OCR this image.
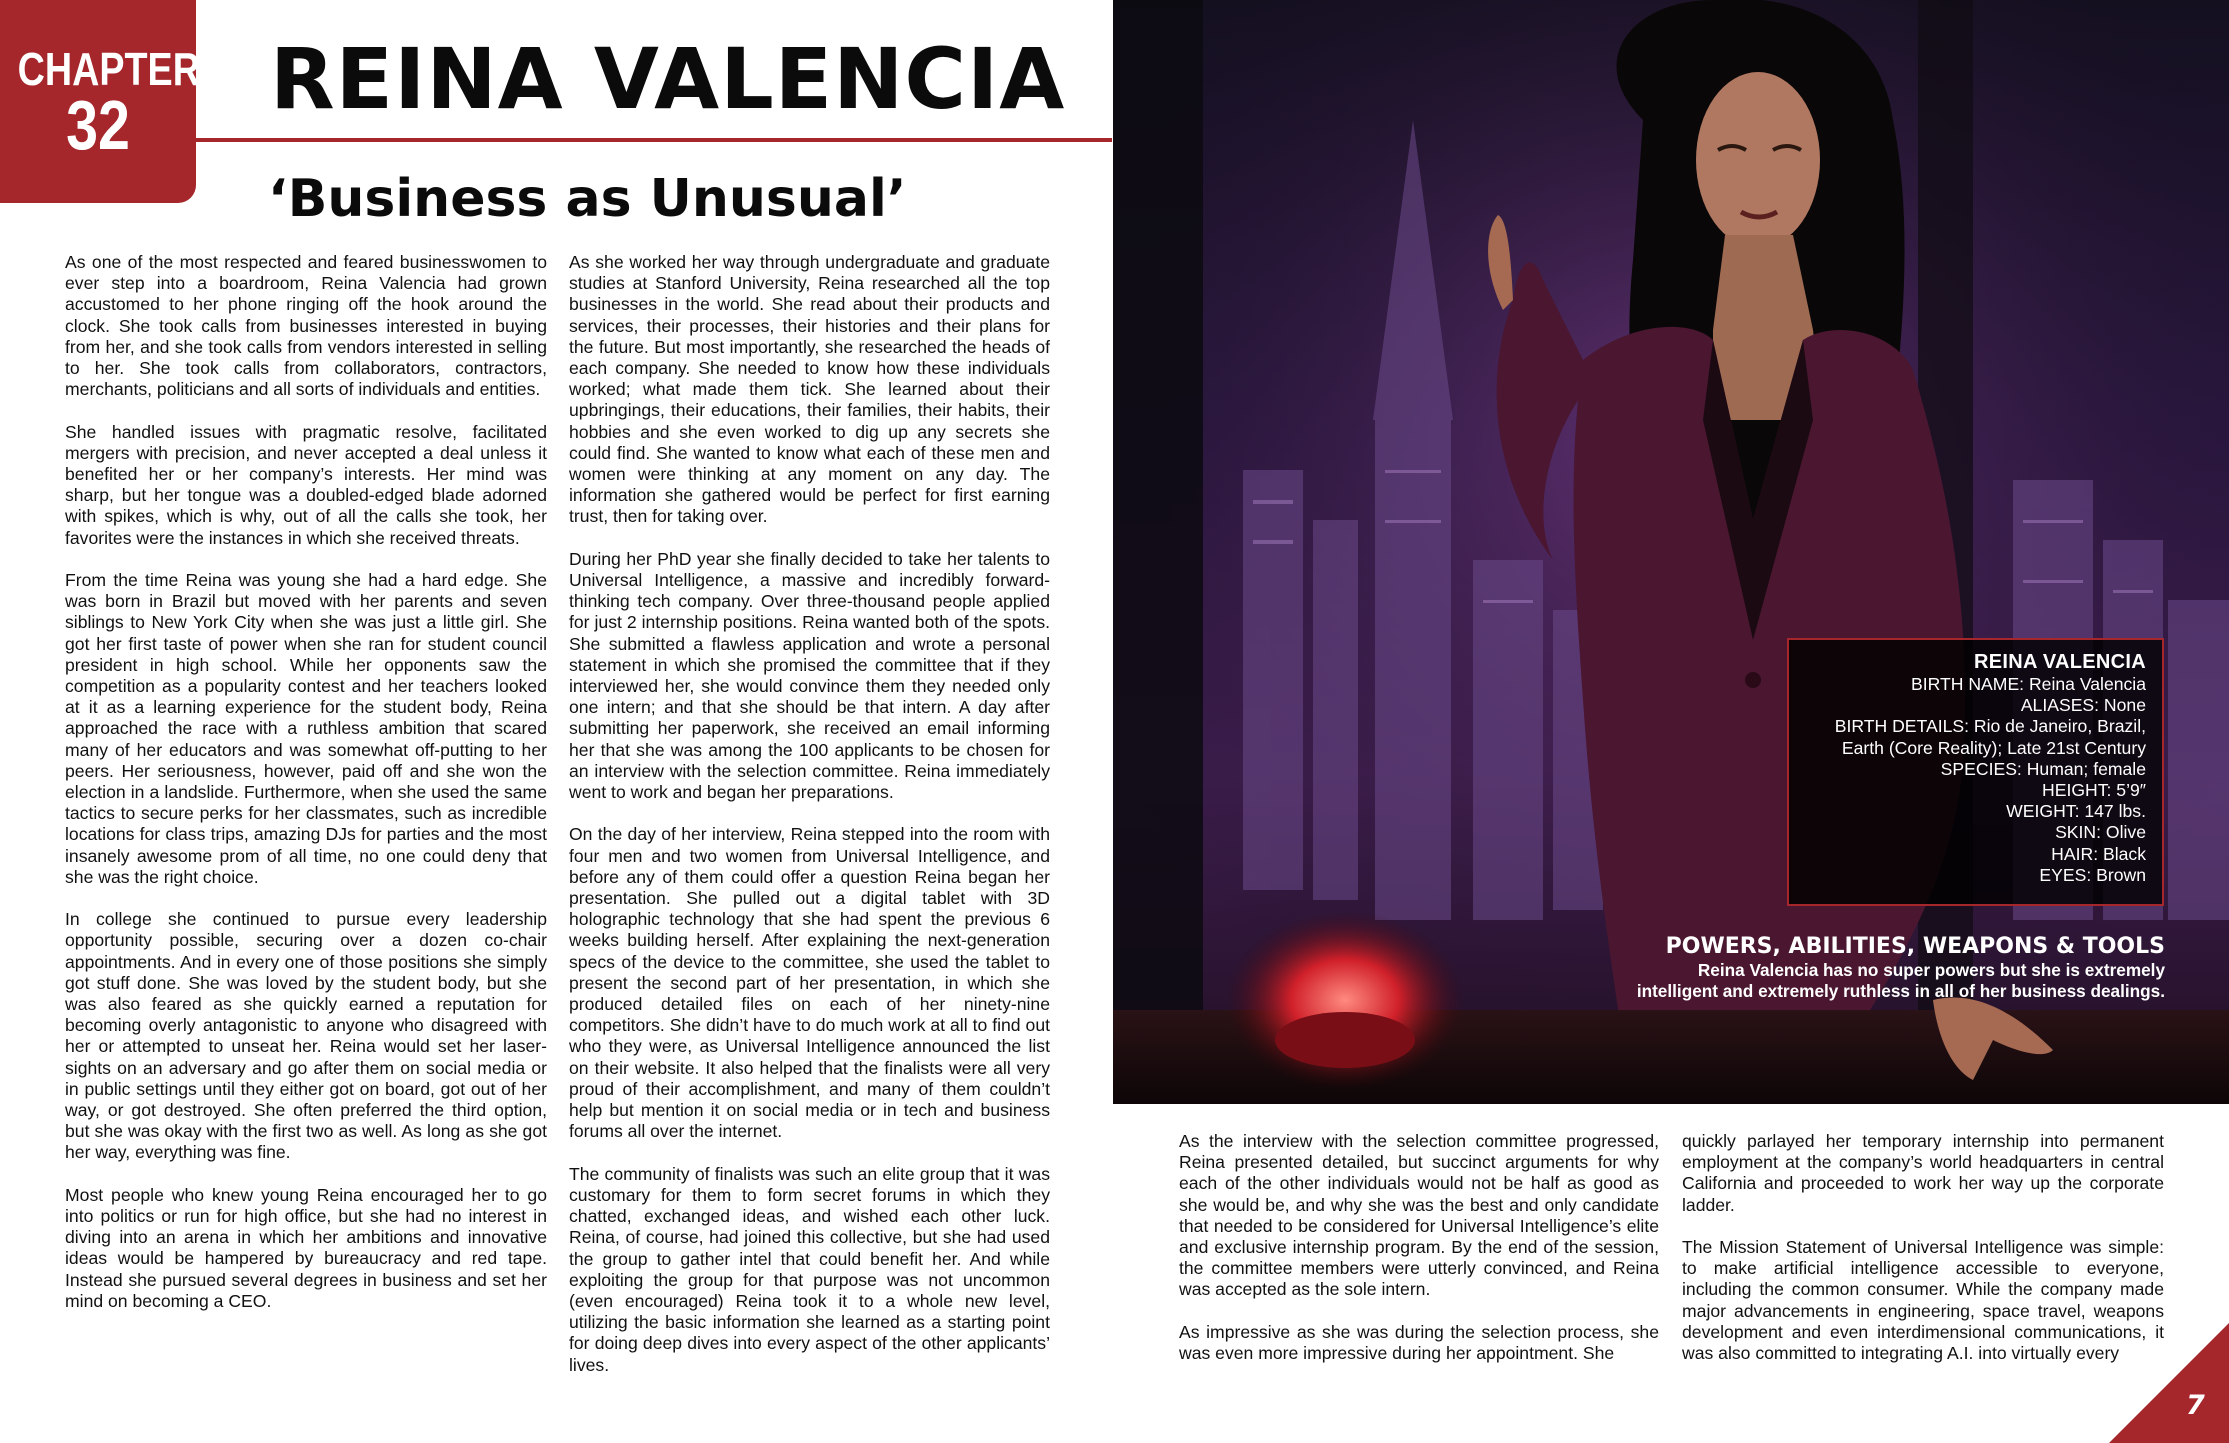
CHAPTER
32	REINA VALENCIA
‘Business as Unusual’

As one of the most respected and feared businesswomen to ever step into a boardroom, Reina Valencia had grown accustomed to her phone ringing off the hook around the clock. She took calls from businesses interested in buying from her, and she took calls from vendors interested in selling to her. She took calls from collaborators, contractors, merchants, politicians and all sorts of individuals and entities.

She handled issues with pragmatic resolve, facilitated mergers with precision, and never accepted a deal unless it benefited her or her company’s interests. Her mind was sharp, but her tongue was a doubled-edged blade adorned with spikes, which is why, out of all the calls she took, her favorites were the instances in which she received threats.

From the time Reina was young she had a hard edge. She was born in Brazil but moved with her parents and seven siblings to New York City when she was just a little girl. She got her first taste of power when she ran for student council president in high school. While her opponents saw the competition as a popularity contest and her teachers looked at it as a learning experience for the student body, Reina approached the race with a ruthless ambition that scared many of her educators and was somewhat off-putting to her peers. Her seriousness, however, paid off and she won the election in a landslide. Furthermore, when she used the same tactics to secure perks for her classmates, such as incredible locations for class trips, amazing DJs for parties and the most insanely awesome prom of all time, no one could deny that she was the right choice.

In college she continued to pursue every leadership opportunity possible, securing over a dozen co-chair appointments. And in every one of those positions she simply got stuff done. She was loved by the student body, but she was also feared as she quickly earned a reputation for becoming overly antagonistic to anyone who disagreed with her or attempted to unseat her. Reina would set her laser-sights on an adversary and go after them on social media or in public settings until they either got on board, got out of her way, or got destroyed. She often preferred the third option, but she was okay with the first two as well. As long as she got her way, everything was fine.

Most people who knew young Reina encouraged her to go into politics or run for high office, but she had no interest in diving into an arena in which her ambitions and innovative ideas would be hampered by bureaucracy and red tape. Instead she pursued several degrees in business and set her mind on becoming a CEO.

As she worked her way through undergraduate and graduate studies at Stanford University, Reina researched all the top businesses in the world. She read about their products and services, their processes, their histories and their plans for the future. But most importantly, she researched the heads of each company. She needed to know how these individuals worked; what made them tick. She learned about their upbringings, their educations, their families, their habits, their hobbies and she even worked to dig up any secrets she could find. She wanted to know what each of these men and women were thinking at any moment on any day. The information she gathered would be perfect for first earning trust, then for taking over.

During her PhD year she finally decided to take her talents to Universal Intelligence, a massive and incredibly forward-thinking tech company. Over three-thousand people applied for just 2 internship positions. Reina wanted both of the spots. She submitted a flawless application and wrote a personal statement in which she promised the committee that if they interviewed her, she would convince them they needed only one intern; and that she should be that intern. A day after submitting her paperwork, she received an email informing her that she was among the 100 applicants to be chosen for an interview with the selection committee. Reina immediately went to work and began her preparations.

On the day of her interview, Reina stepped into the room with four men and two women from Universal Intelligence, and before any of them could offer a question Reina began her presentation. She pulled out a digital tablet with 3D holographic technology that she had spent the previous 6 weeks building herself. After explaining the next-generation specs of the device to the committee, she used the tablet to present the second part of her presentation, in which she produced detailed files on each of her ninety-nine competitors. She didn’t have to do much work at all to find out who they were, as Universal Intelligence announced the list on their website. It also helped that the finalists were all very proud of their accomplishment, and many of them couldn’t help but mention it on social media or in tech and business forums all over the internet.

The community of finalists was such an elite group that it was customary for them to form secret forums in which they chatted, exchanged ideas, and wished each other luck. Reina, of course, had joined this collective, but she had used the group to gather intel that could benefit her. And while exploiting the group for that purpose was not uncommon (even encouraged) Reina took it to a whole new level, utilizing the basic information she learned as a starting point for doing deep dives into every aspect of the other applicants’ lives.

REINA VALENCIA
BIRTH NAME: Reina Valencia
ALIASES: None
BIRTH DETAILS: Rio de Janeiro, Brazil,
Earth (Core Reality); Late 21st Century
SPECIES: Human; female
HEIGHT: 5’9″
WEIGHT: 147 lbs.
SKIN: Olive
HAIR: Black
EYES: Brown
POWERS, ABILITIES, WEAPONS & TOOLS
Reina Valencia has no super powers but she is extremely
intelligent and extremely ruthless in all of her business dealings.

As the interview with the selection committee progressed, Reina presented detailed, but succinct arguments for why each of the other individuals would not be half as good as she would be, and why she was the best and only candidate that needed to be considered for Universal Intelligence’s elite and exclusive internship program. By the end of the session, the committee members were utterly convinced, and Reina was accepted as the sole intern.

As impressive as she was during the selection process, she was even more impressive during her appointment. She

quickly parlayed her temporary internship into permanent employment at the company’s world headquarters in central California and proceeded to work her way up the corporate ladder.

The Mission Statement of Universal Intelligence was simple: to make artificial intelligence accessible to everyone, including the common consumer. While the company made major advancements in engineering, space travel, weapons development and even interdimensional communications, it was also committed to integrating A.I. into virtually every

7
